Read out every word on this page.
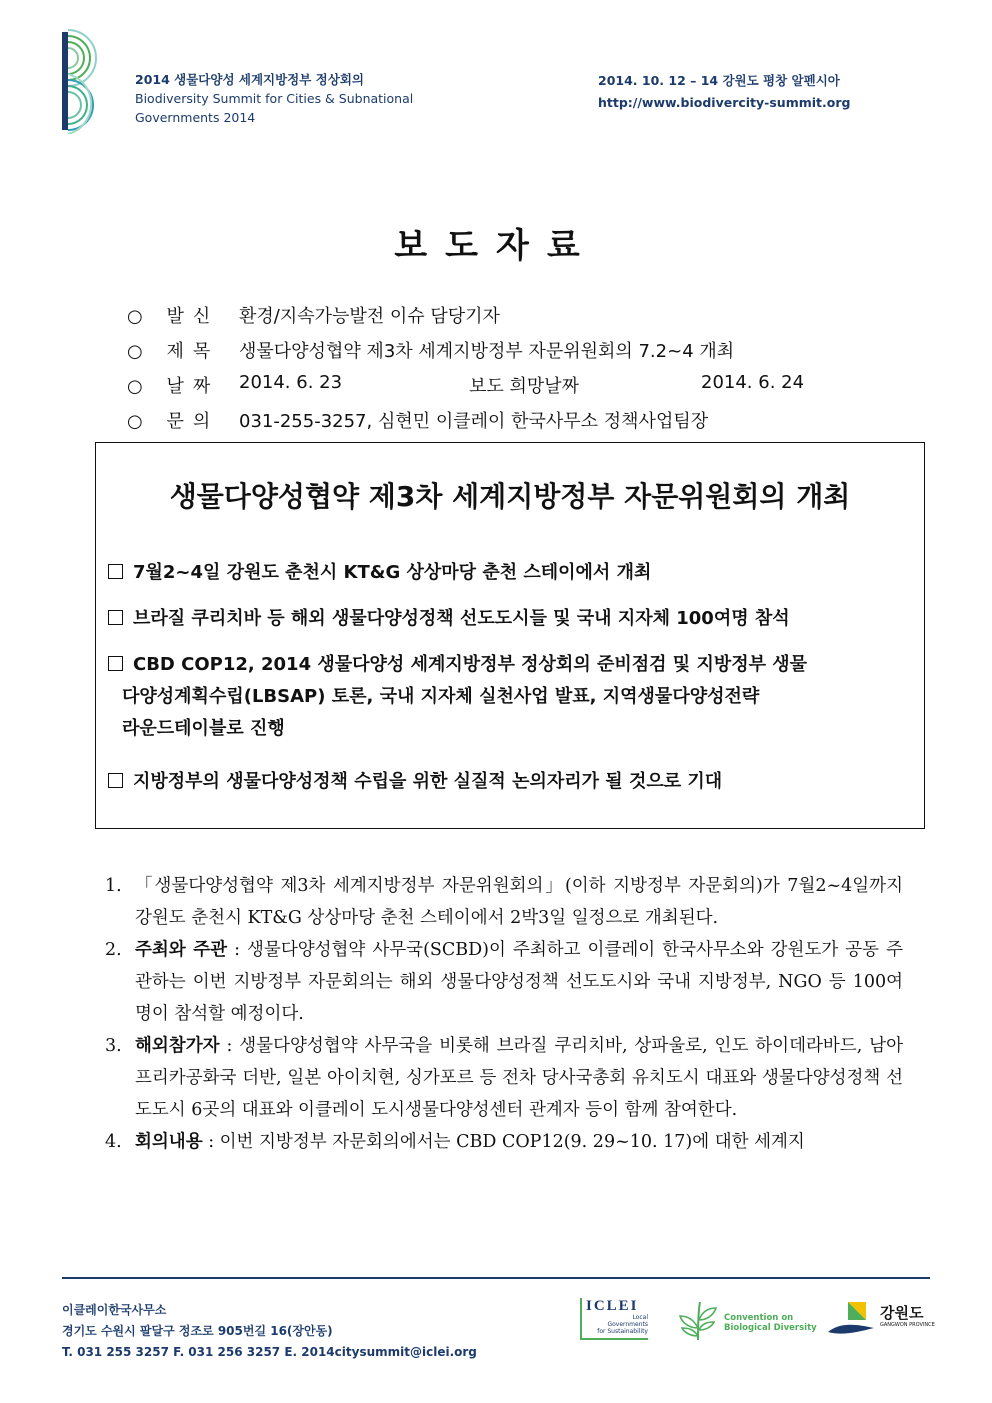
2014 생물다양성 세계지방정부 정상회의
Biodiversity Summit for Cities & Subnational
Governments 2014
2014. 10. 12 – 14 강원도 평창 알펜시아
http://www.biodivercity-summit.org
보도자료
○ 발신 환경/지속가능발전 이슈 담당기자
○ 제목 생물다양성협약 제3차 세계지방정부 자문위원회의 7.2~4 개최
○ 날짜 2014. 6. 23	보도 희망날짜	2014. 6. 24
○ 문의 031-255-3257, 심현민 이클레이 한국사무소 정책사업팀장
생물다양성협약 제3차 세계지방정부 자문위원회의 개최
7월2~4일 강원도 춘천시 KT&G 상상마당 춘천 스테이에서 개최
브라질 쿠리치바 등 해외 생물다양성정책 선도도시들 및 국내 지자체 100여명 참석
CBD COP12, 2014 생물다양성 세계지방정부 정상회의 준비점검 및 지방정부 생물
다양성계획수립(LBSAP) 토론, 국내 지자체 실천사업 발표, 지역생물다양성전략
라운드테이블로 진행
지방정부의 생물다양성정책 수립을 위한 실질적 논의자리가 될 것으로 기대
1. 「생물다양성협약 제3차 세계지방정부 자문위원회의」(이하 지방정부 자문회의)가 7월2~4일까지 강원도 춘천시 KT&G 상상마당 춘천 스테이에서 2박3일 일정으로 개최된다.
2. 주최와 주관 : 생물다양성협약 사무국(SCBD)이 주최하고 이클레이 한국사무소와 강원도가 공동 주관하는 이번 지방정부 자문회의는 해외 생물다양성정책 선도도시와 국내 지방정부, NGO 등 100여명이 참석할 예정이다.
3. 해외참가자 : 생물다양성협약 사무국을 비롯해 브라질 쿠리치바, 상파울로, 인도 하이데라바드, 남아프리카공화국 더반, 일본 아이치현, 싱가포르 등 전차 당사국총회 유치도시 대표와 생물다양성정책 선도도시 6곳의 대표와 이클레이 도시생물다양성센터 관계자 등이 함께 참여한다.
4. 회의내용 : 이번 지방정부 자문회의에서는 CBD COP12(9. 29~10. 17)에 대한 세계지
이클레이한국사무소
경기도 수원시 팔달구 정조로 905번길 16(장안동)
T. 031 255 3257 F. 031 256 3257 E. 2014citysummit@iclei.org
ICLEI
Local
Governments
for Sustainability
Convention on
Biological Diversity
강원도
GANGWON PROVINCE
